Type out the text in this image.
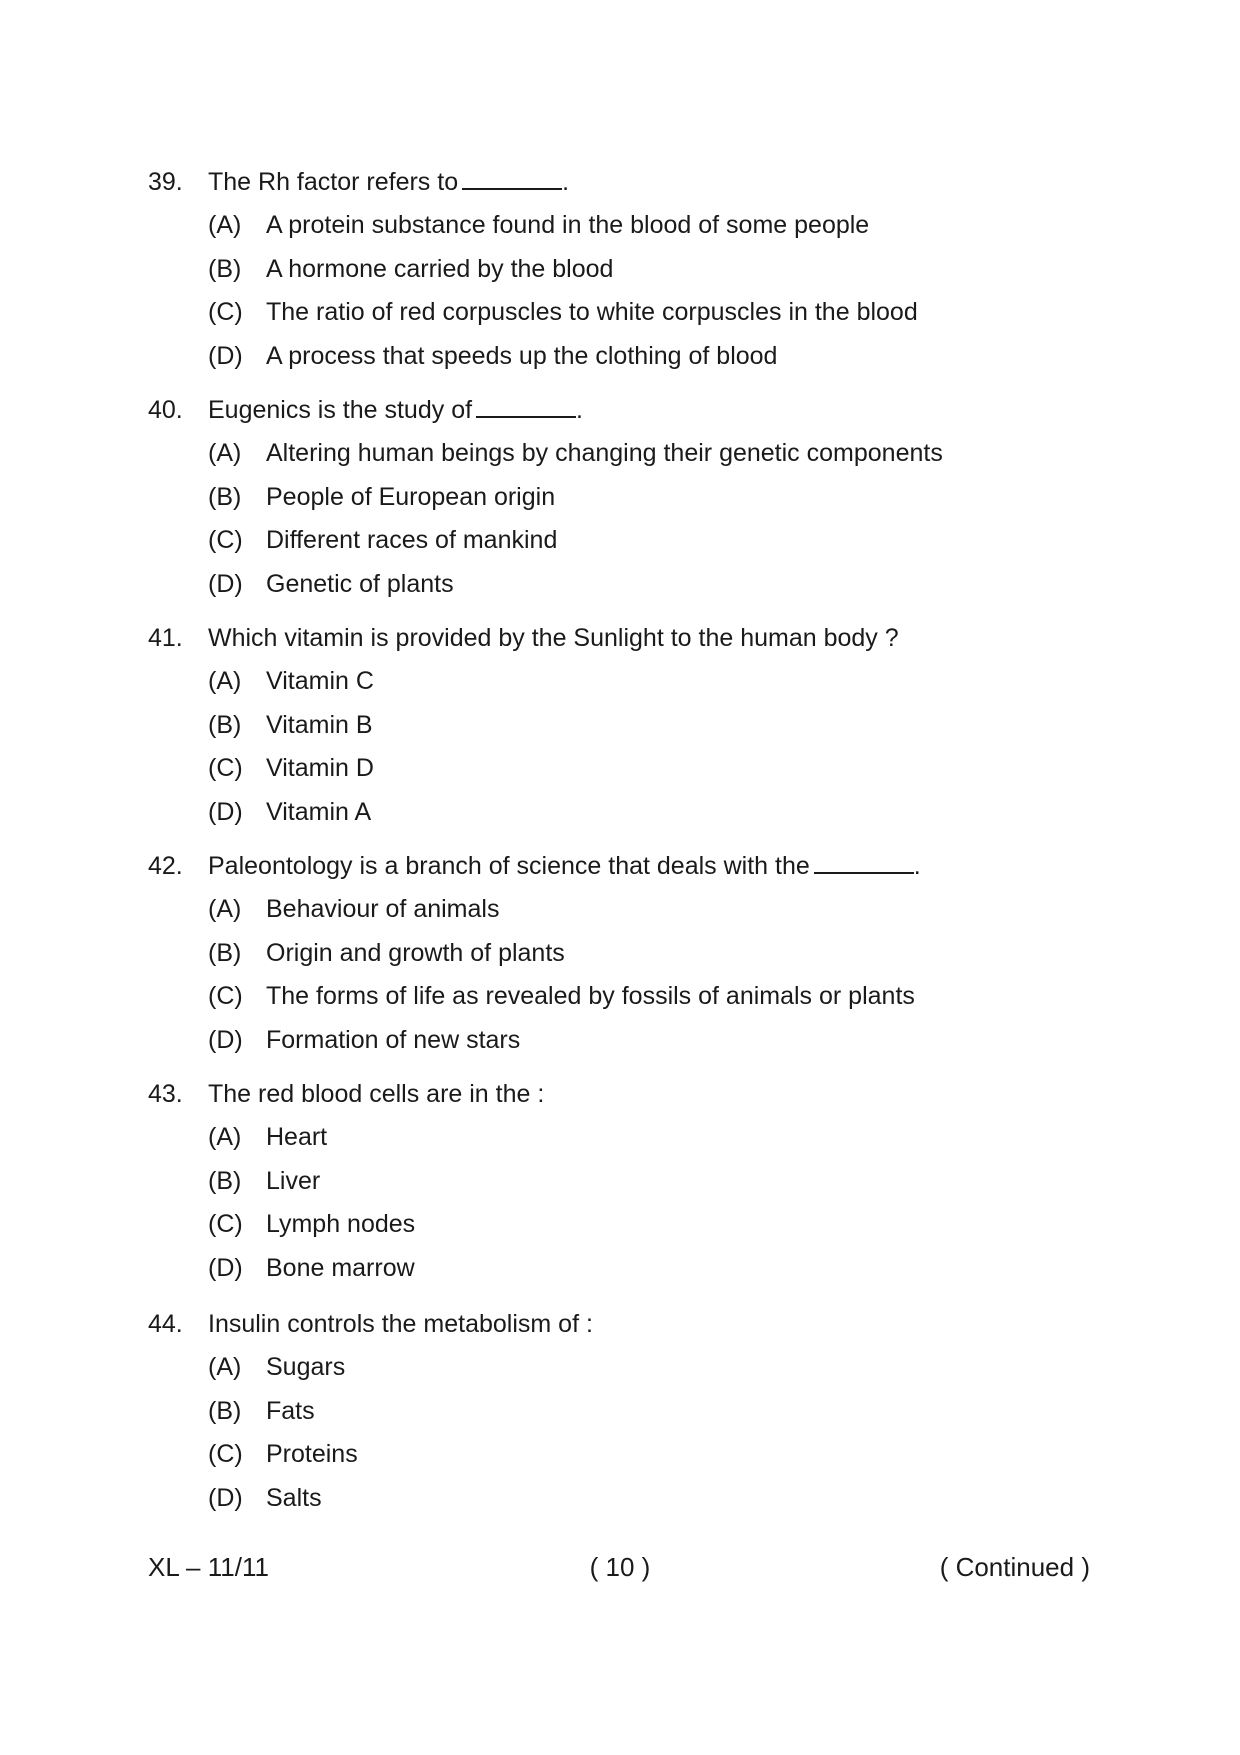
39. The Rh factor refers to	.
(A) A protein substance found in the blood of some people
(B) A hormone carried by the blood
(C) The ratio of red corpuscles to white corpuscles in the blood
(D) A process that speeds up the clothing of blood
40. Eugenics is the study of	.
(A) Altering human beings by changing their genetic components
(B) People of European origin
(C) Different races of mankind
(D) Genetic of plants
41. Which vitamin is provided by the Sunlight to the human body ?
(A) Vitamin C
(B) Vitamin B
(C) Vitamin D
(D) Vitamin A
42. Paleontology is a branch of science that deals with the	.
(A) Behaviour of animals
(B) Origin and growth of plants
(C) The forms of life as revealed by fossils of animals or plants
(D) Formation of new stars
43. The red blood cells are in the :
(A) Heart
(B) Liver
(C) Lymph nodes
(D) Bone marrow
44. Insulin controls the metabolism of :
(A) Sugars
(B) Fats
(C) Proteins
(D) Salts
XL – 11/11	( 10 )	( Continued )
